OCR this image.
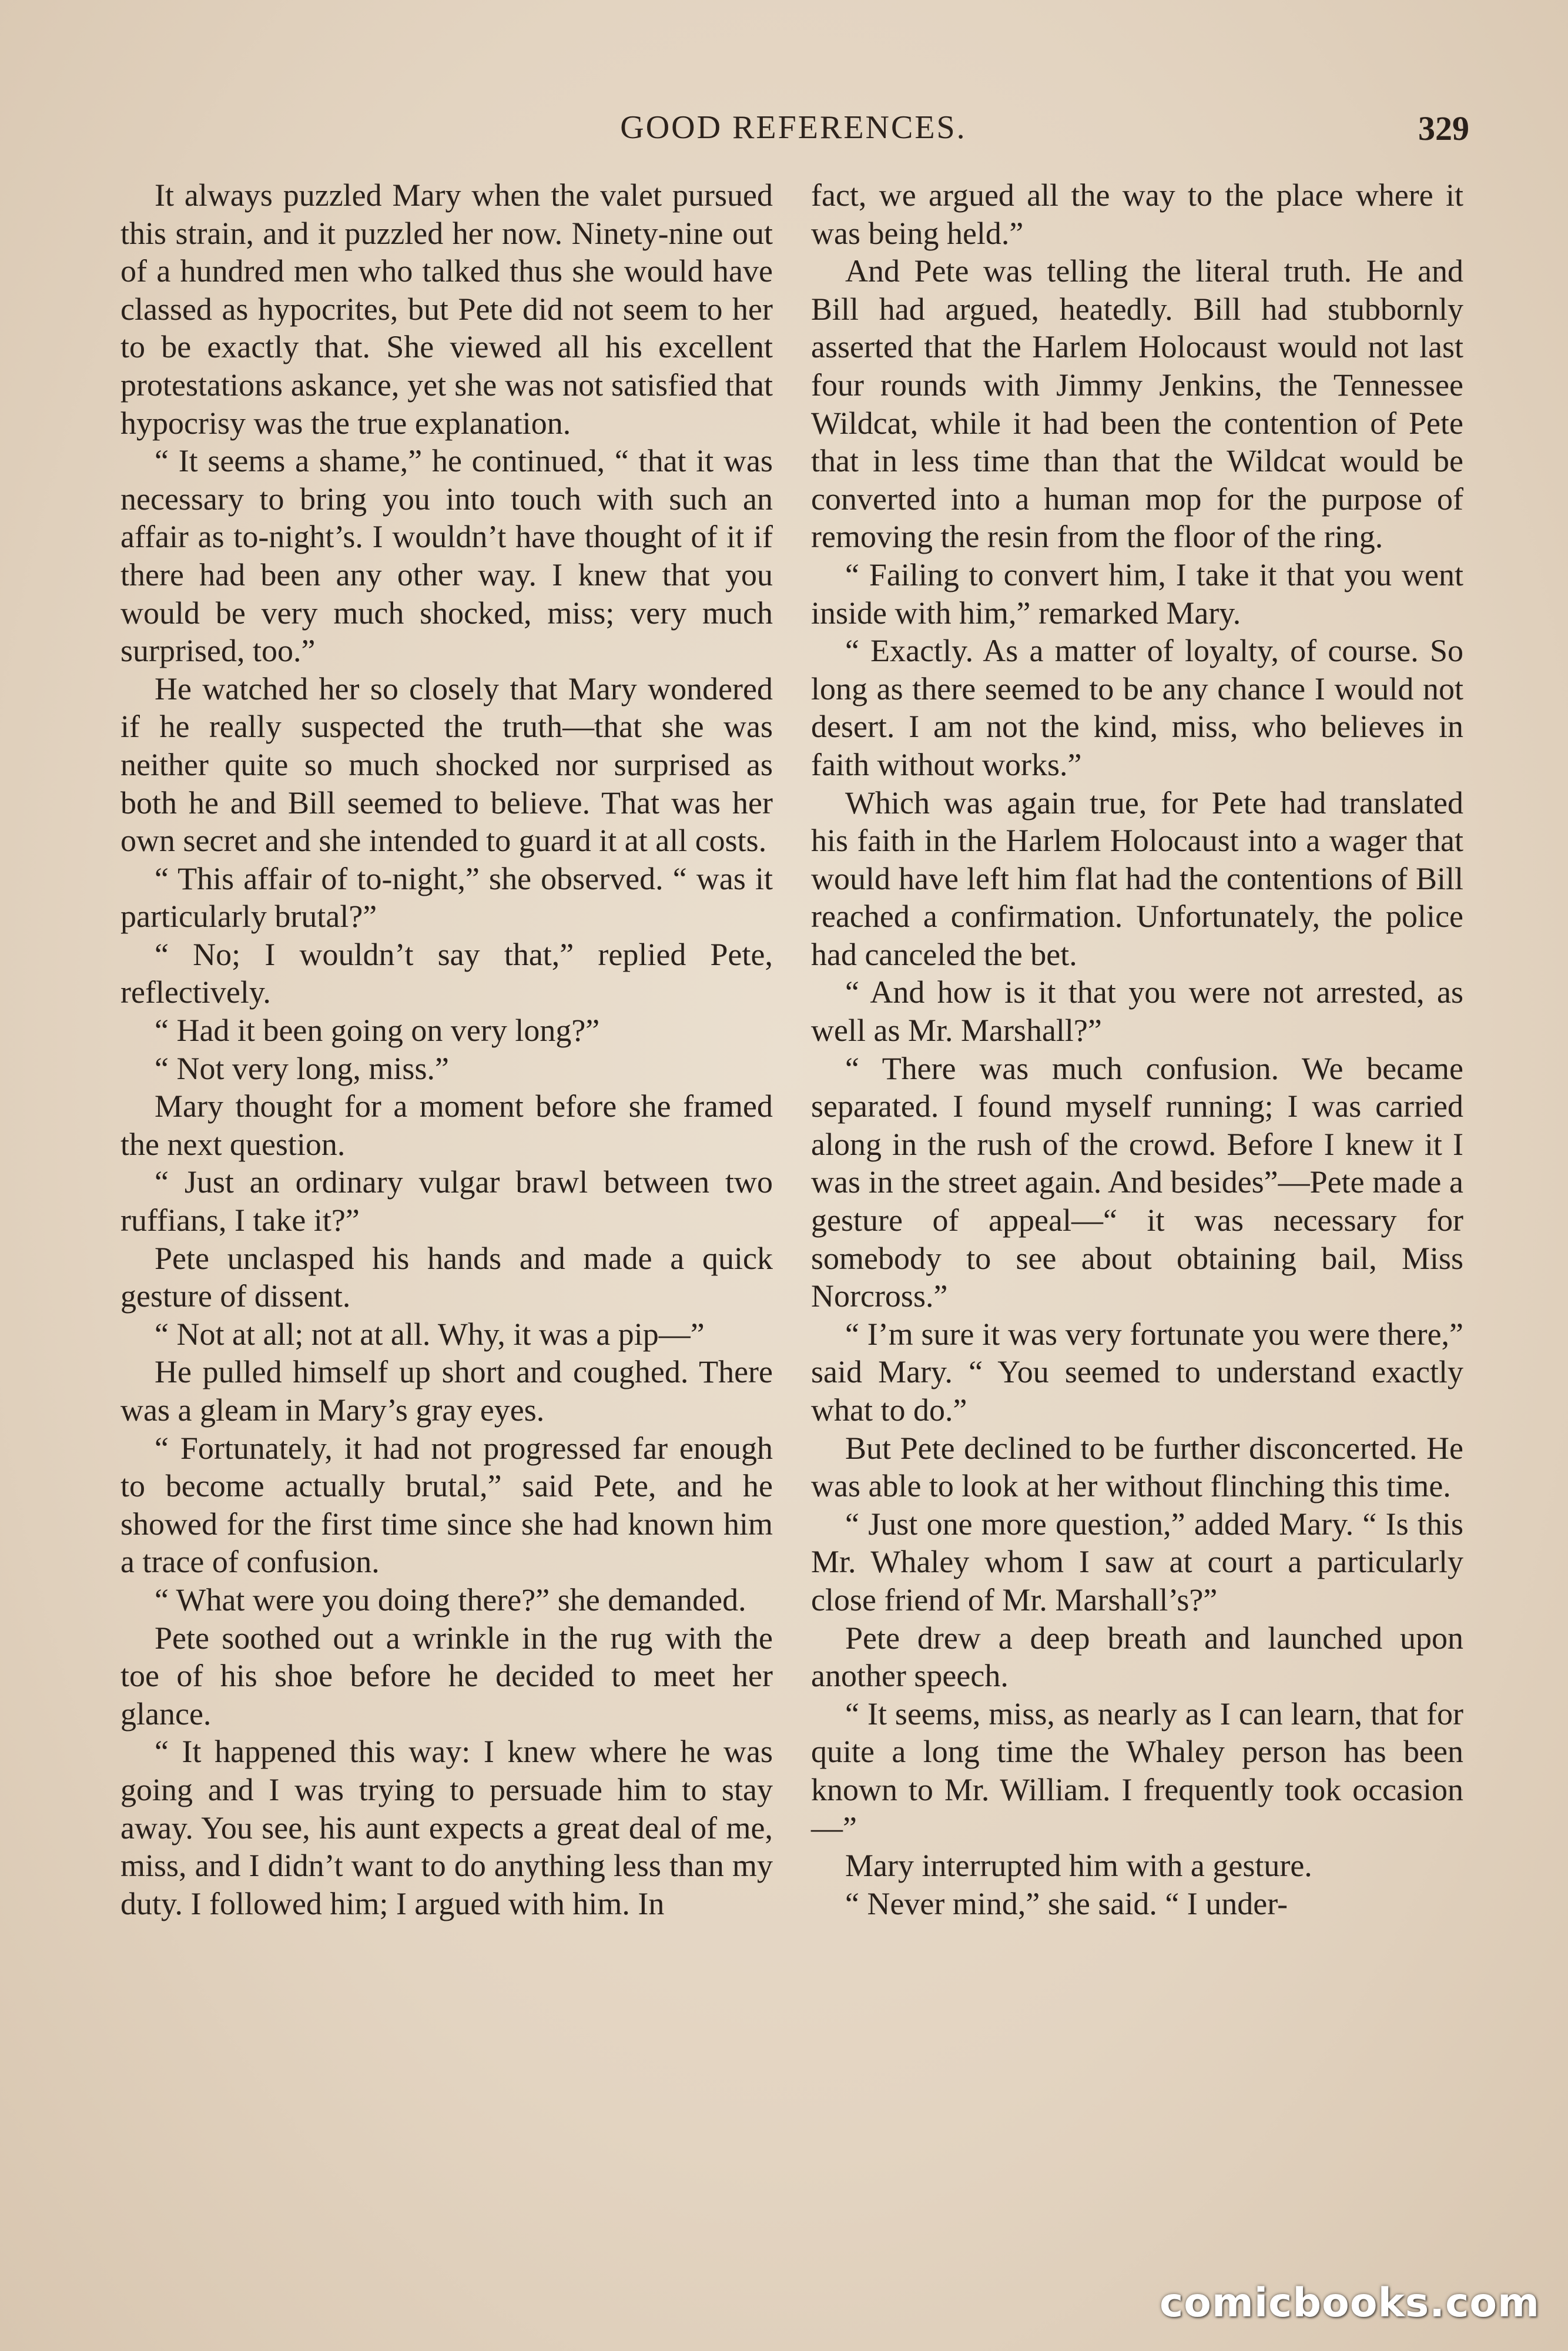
GOOD REFERENCES.	329

It always puzzled Mary when the valet pursued this strain, and it puzzled her now. Ninety-nine out of a hundred men who talked thus she would have classed as hypocrites, but Pete did not seem to her to be exactly that. She viewed all his excellent protestations askance, yet she was not satisfied that hypocrisy was the true explanation.

“ It seems a shame,” he continued, “ that it was necessary to bring you into touch with such an affair as to-night’s. I wouldn’t have thought of it if there had been any other way. I knew that you would be very much shocked, miss; very much surprised, too.”

He watched her so closely that Mary wondered if he really suspected the truth—that she was neither quite so much shocked nor surprised as both he and Bill seemed to believe. That was her own secret and she intended to guard it at all costs.

“ This affair of to-night,” she observed. “ was it particularly brutal?”

“ No; I wouldn’t say that,” replied Pete, reflectively.

“ Had it been going on very long?”

“ Not very long, miss.”

Mary thought for a moment before she framed the next question.

“ Just an ordinary vulgar brawl between two ruffians, I take it?”

Pete unclasped his hands and made a quick gesture of dissent.

“ Not at all; not at all. Why, it was a pip—”

He pulled himself up short and coughed. There was a gleam in Mary’s gray eyes.

“ Fortunately, it had not progressed far enough to become actually brutal,” said Pete, and he showed for the first time since she had known him a trace of confusion.

“ What were you doing there?” she demanded.

Pete soothed out a wrinkle in the rug with the toe of his shoe before he decided to meet her glance.

“ It happened this way: I knew where he was going and I was trying to persuade him to stay away. You see, his aunt expects a great deal of me, miss, and I didn’t want to do anything less than my duty. I followed him; I argued with him. In

fact, we argued all the way to the place where it was being held.”

And Pete was telling the literal truth. He and Bill had argued, heatedly. Bill had stubbornly asserted that the Harlem Holocaust would not last four rounds with Jimmy Jenkins, the Tennessee Wildcat, while it had been the contention of Pete that in less time than that the Wildcat would be converted into a human mop for the purpose of removing the resin from the floor of the ring.

“ Failing to convert him, I take it that you went inside with him,” remarked Mary.

“ Exactly. As a matter of loyalty, of course. So long as there seemed to be any chance I would not desert. I am not the kind, miss, who believes in faith without works.”

Which was again true, for Pete had translated his faith in the Harlem Holocaust into a wager that would have left him flat had the contentions of Bill reached a confirmation. Unfortunately, the police had canceled the bet.

“ And how is it that you were not arrested, as well as Mr. Marshall?”

“ There was much confusion. We became separated. I found myself running; I was carried along in the rush of the crowd. Before I knew it I was in the street again. And besides”—Pete made a gesture of appeal—“ it was necessary for somebody to see about obtaining bail, Miss Norcross.”

“ I’m sure it was very fortunate you were there,” said Mary. “ You seemed to understand exactly what to do.”

But Pete declined to be further disconcerted. He was able to look at her without flinching this time.

“ Just one more question,” added Mary. “ Is this Mr. Whaley whom I saw at court a particularly close friend of Mr. Marshall’s?”

Pete drew a deep breath and launched upon another speech.

“ It seems, miss, as nearly as I can learn, that for quite a long time the Whaley person has been known to Mr. William. I frequently took occasion—”

Mary interrupted him with a gesture.

“ Never mind,” she said. “ I under-

comicbooks.com
